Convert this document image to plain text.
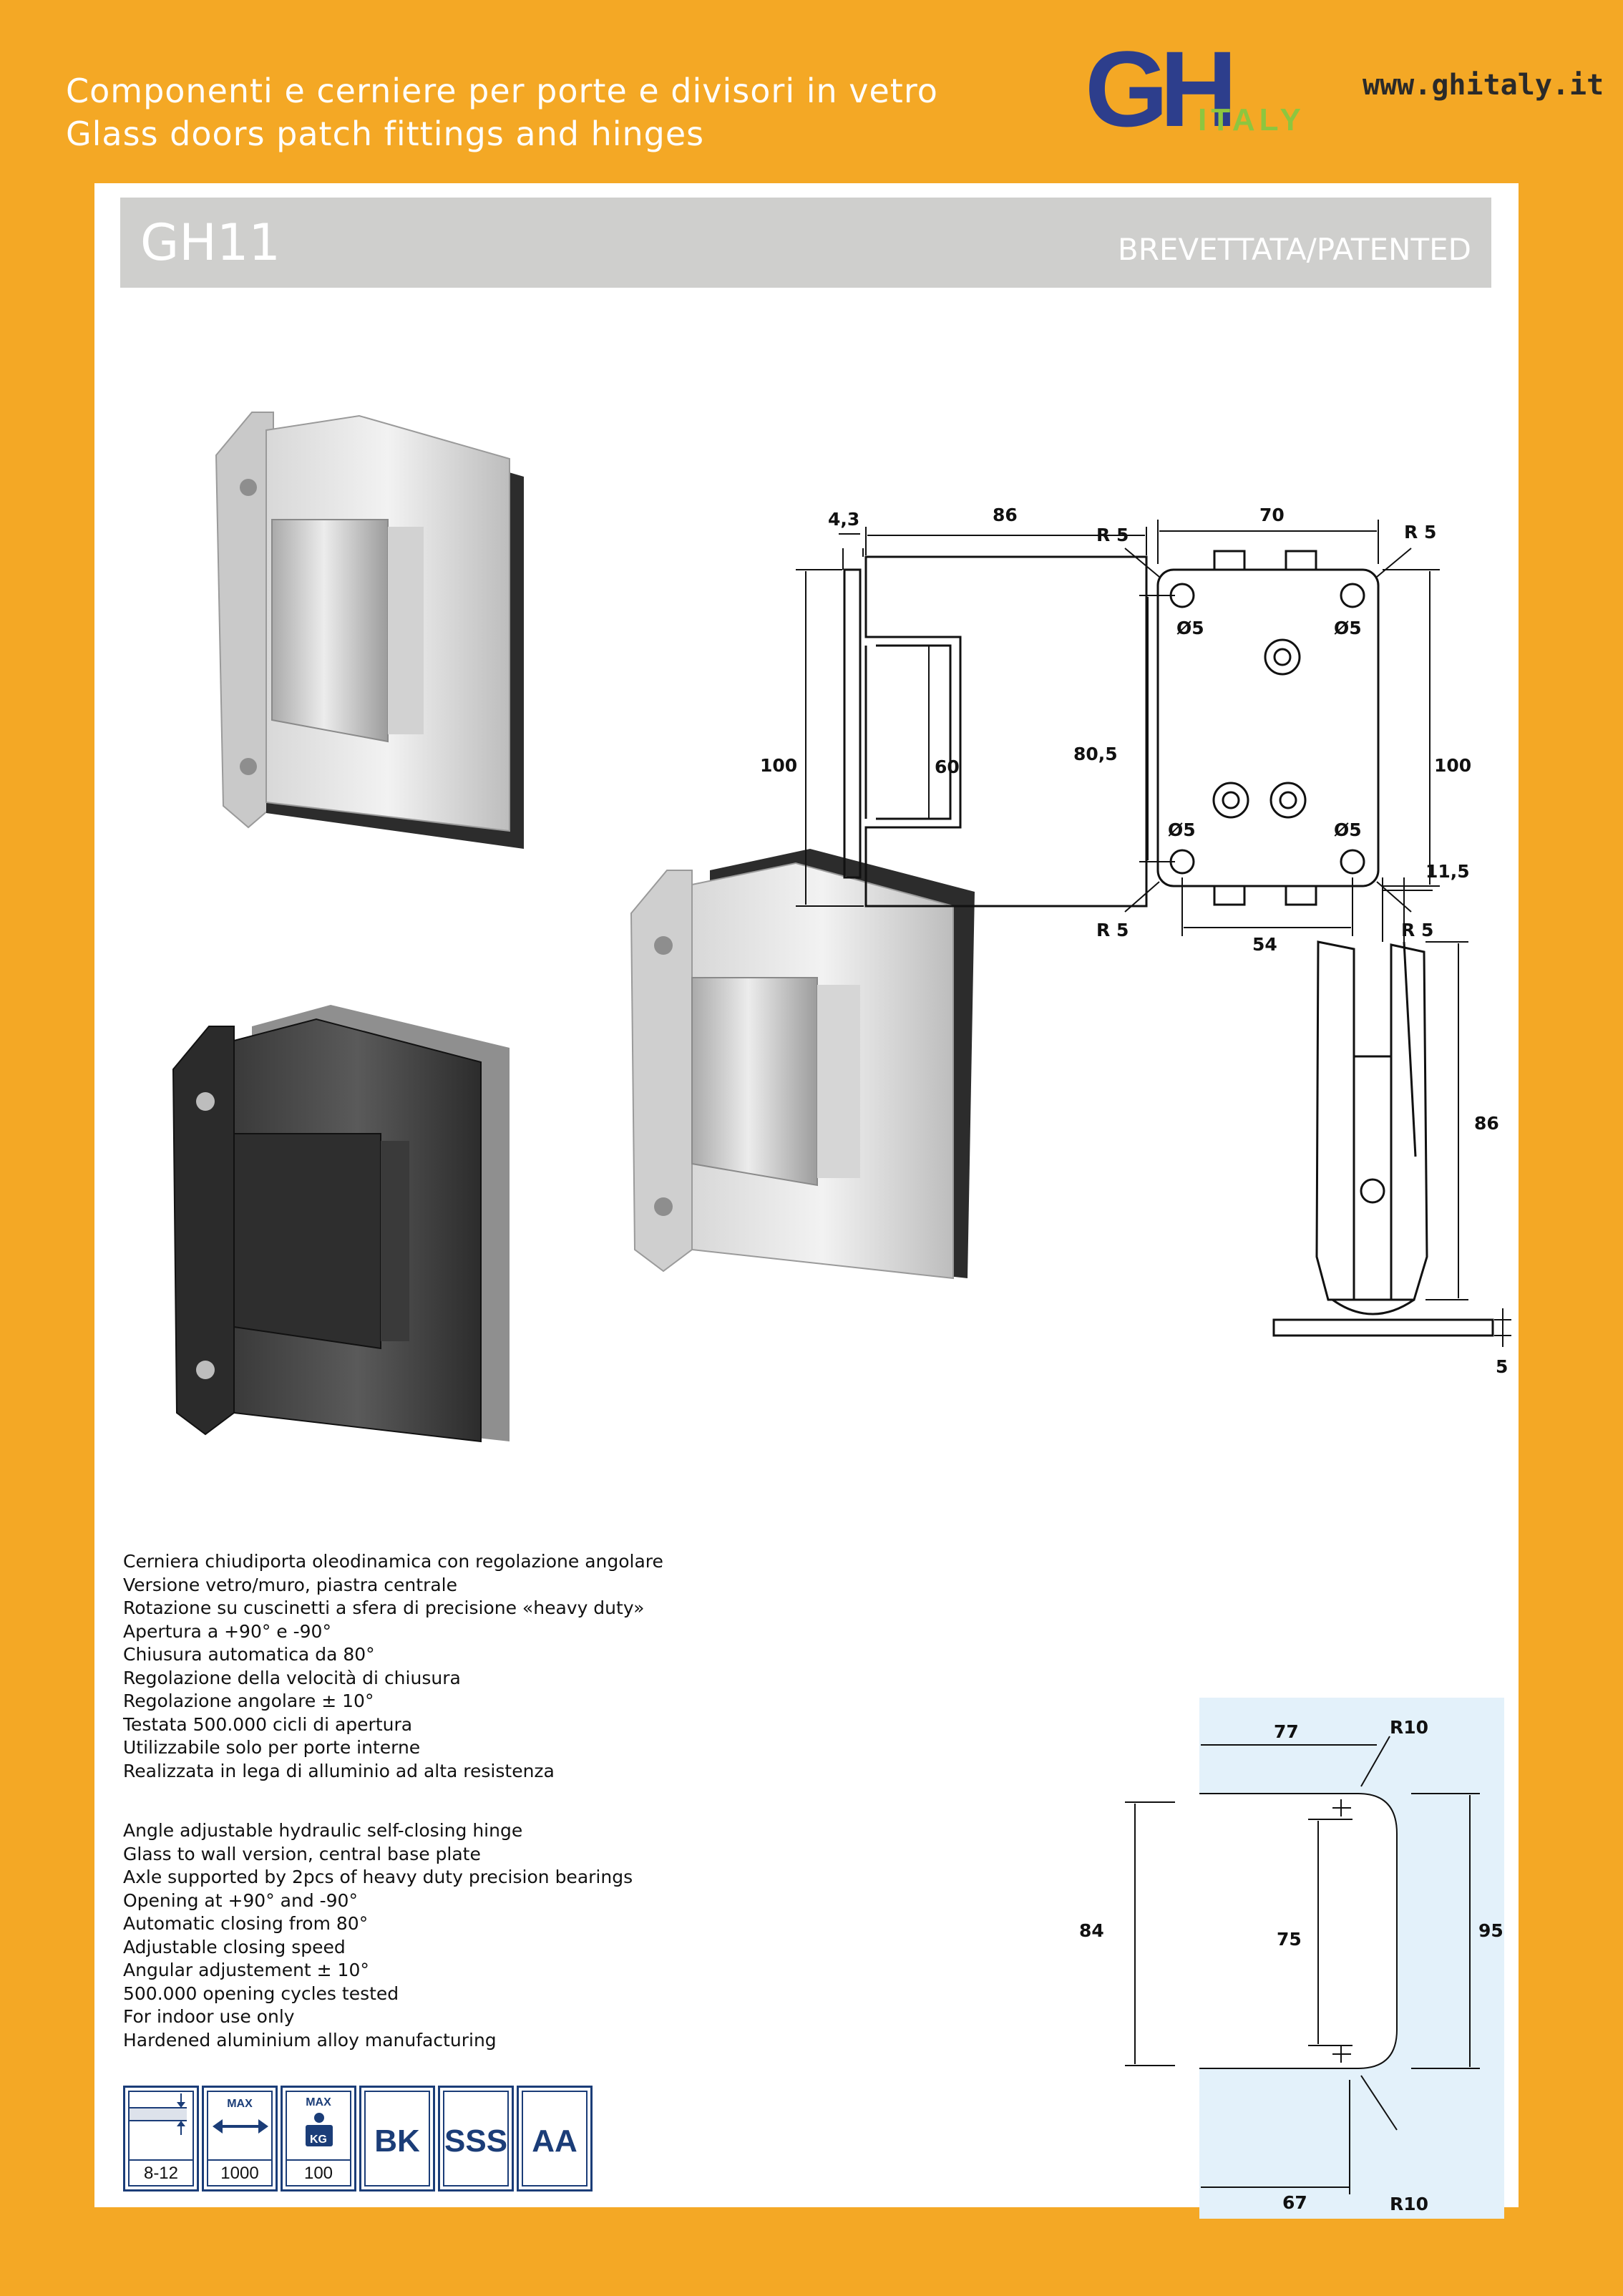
Componenti e cerniere per porte e divisori in vetro
Glass doors patch fittings and hinges	GH
ITALY
www.ghitaly.it
GH11	BREVETTATA/PATENTED
4,3	86
100	60
70
R 5	R 5
Ø5	Ø5
Ø5	Ø5
80,5
100
R 5	R 5
54
11,5
86
5
77	R10
84	75	95
67	R10
Cerniera chiudiporta oleodinamica con regolazione angolare
Versione vetro/muro, piastra centrale
Rotazione su cuscinetti a sfera di precisione «heavy duty»
Apertura a +90° e -90°
Chiusura automatica da 80°
Regolazione della velocità di chiusura
Regolazione angolare ± 10°
Testata 500.000 cicli di apertura
Utilizzabile solo per porte interne
Realizzata in lega di alluminio ad alta resistenza
Angle adjustable hydraulic self-closing hinge
Glass to wall version, central base plate
Axle supported by 2pcs of heavy duty precision bearings
Opening at +90° and -90°
Automatic closing from 80°
Adjustable closing speed
Angular adjustement ± 10°
500.000 opening cycles tested
For indoor use only
Hardened aluminium alloy manufacturing
8-12
MAX
1000
MAX
KG
100
BK SSS AA
